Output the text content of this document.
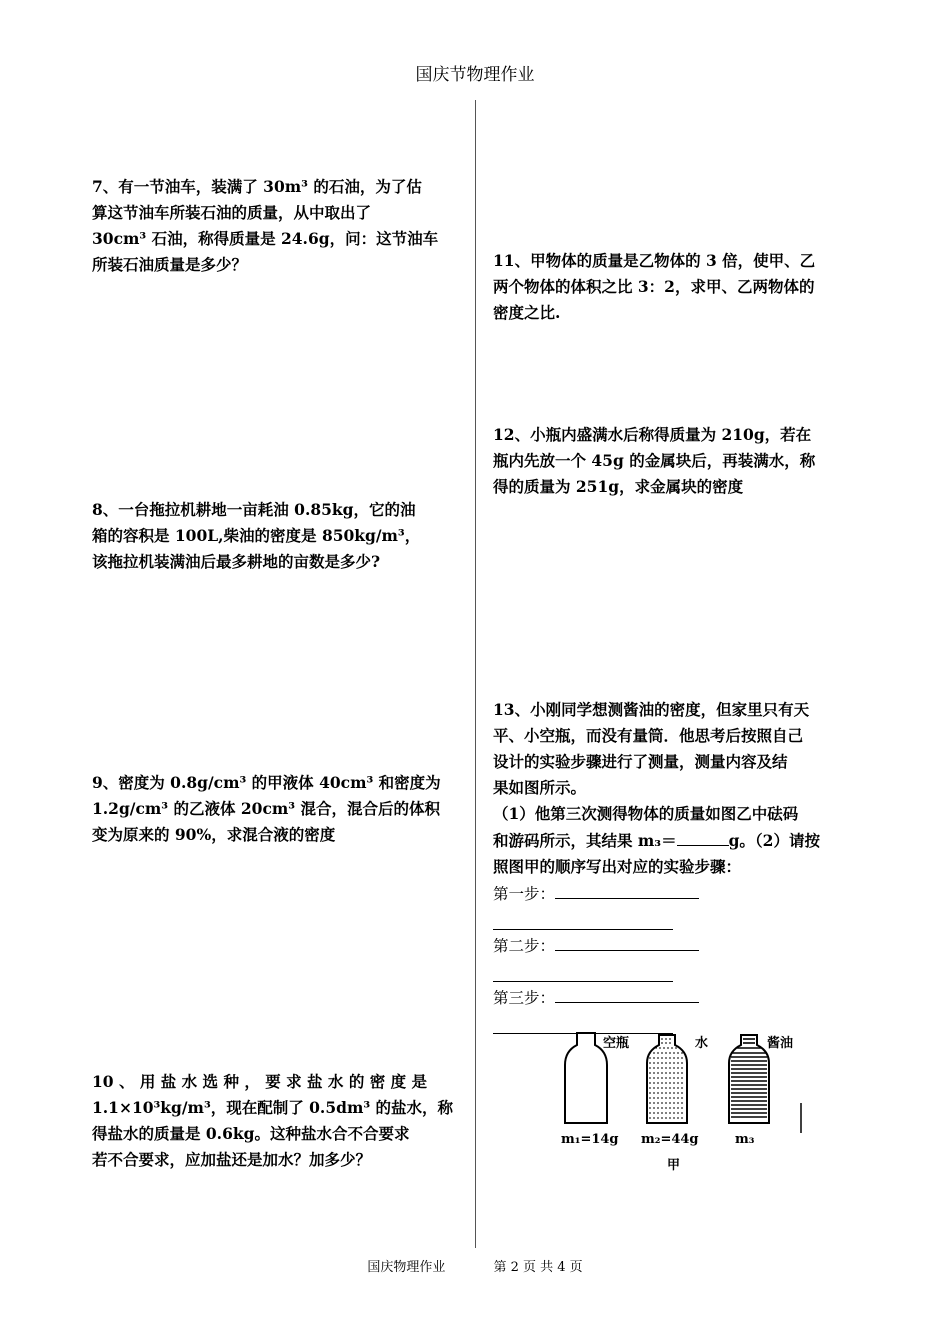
国庆节物理作业
7、有一节油车，装满了 30m³ 的石油，为了估
算这节油车所装石油的质量，从中取出了
30cm³ 石油，称得质量是 24.6g，问：这节油车
所装石油质量是多少？
8、一台拖拉机耕地一亩耗油 0.85kg，它的油
箱的容积是 100L,柴油的密度是 850kg/m³，
该拖拉机装满油后最多耕地的亩数是多少?
9、密度为 0.8g/cm³ 的甲液体 40cm³ 和密度为
1.2g/cm³ 的乙液体 20cm³ 混合，混合后的体积
变为原来的 90%，求混合液的密度
10 、 用 盐 水 选 种 ， 要 求 盐 水 的 密 度 是
1.1×10³kg/m³，现在配制了 0.5dm³ 的盐水，称
得盐水的质量是 0.6kg。这种盐水合不合要求
若不合要求，应加盐还是加水？加多少？
11、甲物体的质量是乙物体的 3 倍，使甲、乙
两个物体的体积之比 3：2，求甲、乙两物体的
密度之比.
12、小瓶内盛满水后称得质量为 210g，若在
瓶内先放一个 45g 的金属块后，再装满水，称
得的质量为 251g，求金属块的密度
13、小刚同学想测酱油的密度，但家里只有天
平、小空瓶，而没有量筒．他思考后按照自己
设计的实验步骤进行了测量，测量内容及结
果如图所示。
（1）他第三次测得物体的质量如图乙中砝码
和游码所示，其结果 m₃＝	g。（2）请按
照图甲的顺序写出对应的实验步骤：
第一步：
第二步：
第三步：
空瓶	水	酱油
m₁=14g m₂=44g	m₃
甲
国庆物理作业	第 2 页 共 4 页
